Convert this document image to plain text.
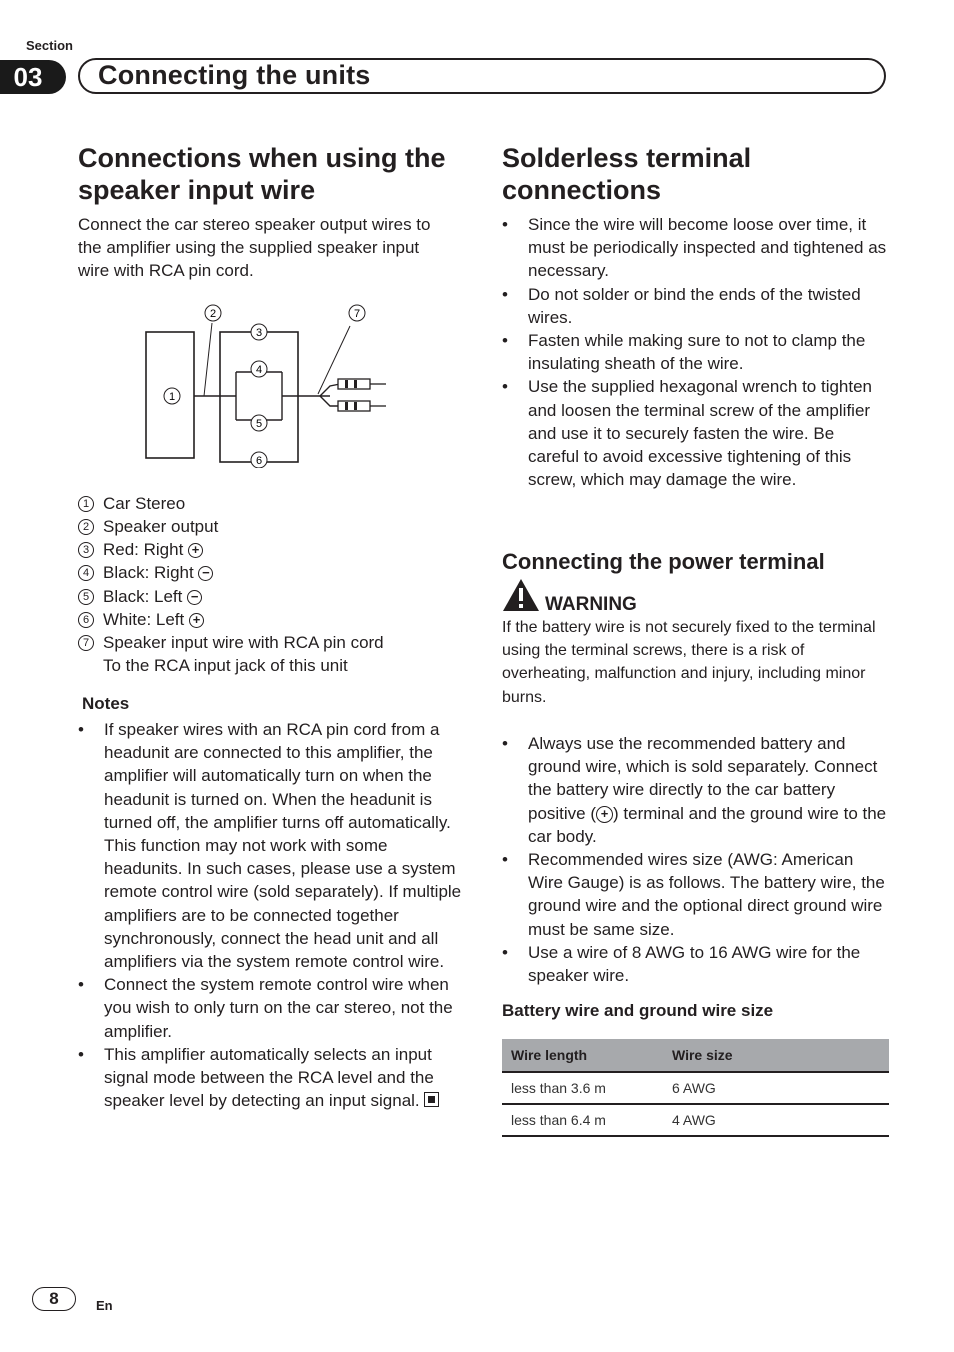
Section
03	Connecting the units
Connections when using the speaker input wire
Connect the car stereo speaker output wires to the amplifier using the supplied speaker input wire with RCA pin cord.
1
2
3
4
5
6
7
1 Car Stereo
2 Speaker output
3 Red: Right +
4 Black: Right −
5 Black: Left −
6 White: Left +
7 Speaker input wire with RCA pin cord
To the RCA input jack of this unit
Notes
• If speaker wires with an RCA pin cord from a headunit are connected to this amplifier, the amplifier will automatically turn on when the headunit is turned on. When the headunit is turned off, the amplifier turns off automatically. This function may not work with some headunits. In such cases, please use a system remote control wire (sold separately). If multiple amplifiers are to be connected together synchronously, connect the head unit and all amplifiers via the system remote control wire.
• Connect the system remote control wire when you wish to only turn on the car stereo, not the amplifier.
• This amplifier automatically selects an input signal mode between the RCA level and the speaker level by detecting an input signal.
Solderless terminal connections
• Since the wire will become loose over time, it must be periodically inspected and tightened as necessary.
• Do not solder or bind the ends of the twisted wires.
• Fasten while making sure to not to clamp the insulating sheath of the wire.
• Use the supplied hexagonal wrench to tighten and loosen the terminal screw of the amplifier and use it to securely fasten the wire. Be careful to avoid excessive tightening of this screw, which may damage the wire.
Connecting the power terminal
WARNING
If the battery wire is not securely fixed to the terminal using the terminal screws, there is a risk of overheating, malfunction and injury, including minor burns.
• Always use the recommended battery and ground wire, which is sold separately. Connect the battery wire directly to the car battery positive ( + ) terminal and the ground wire to the car body.
• Recommended wires size (AWG: American Wire Gauge) is as follows. The battery wire, the ground wire and the optional direct ground wire must be same size.
• Use a wire of 8 AWG to 16 AWG wire for the speaker wire.
Battery wire and ground wire size
Wire length	Wire size
less than 3.6 m	6 AWG
less than 6.4 m	4 AWG
8	En
